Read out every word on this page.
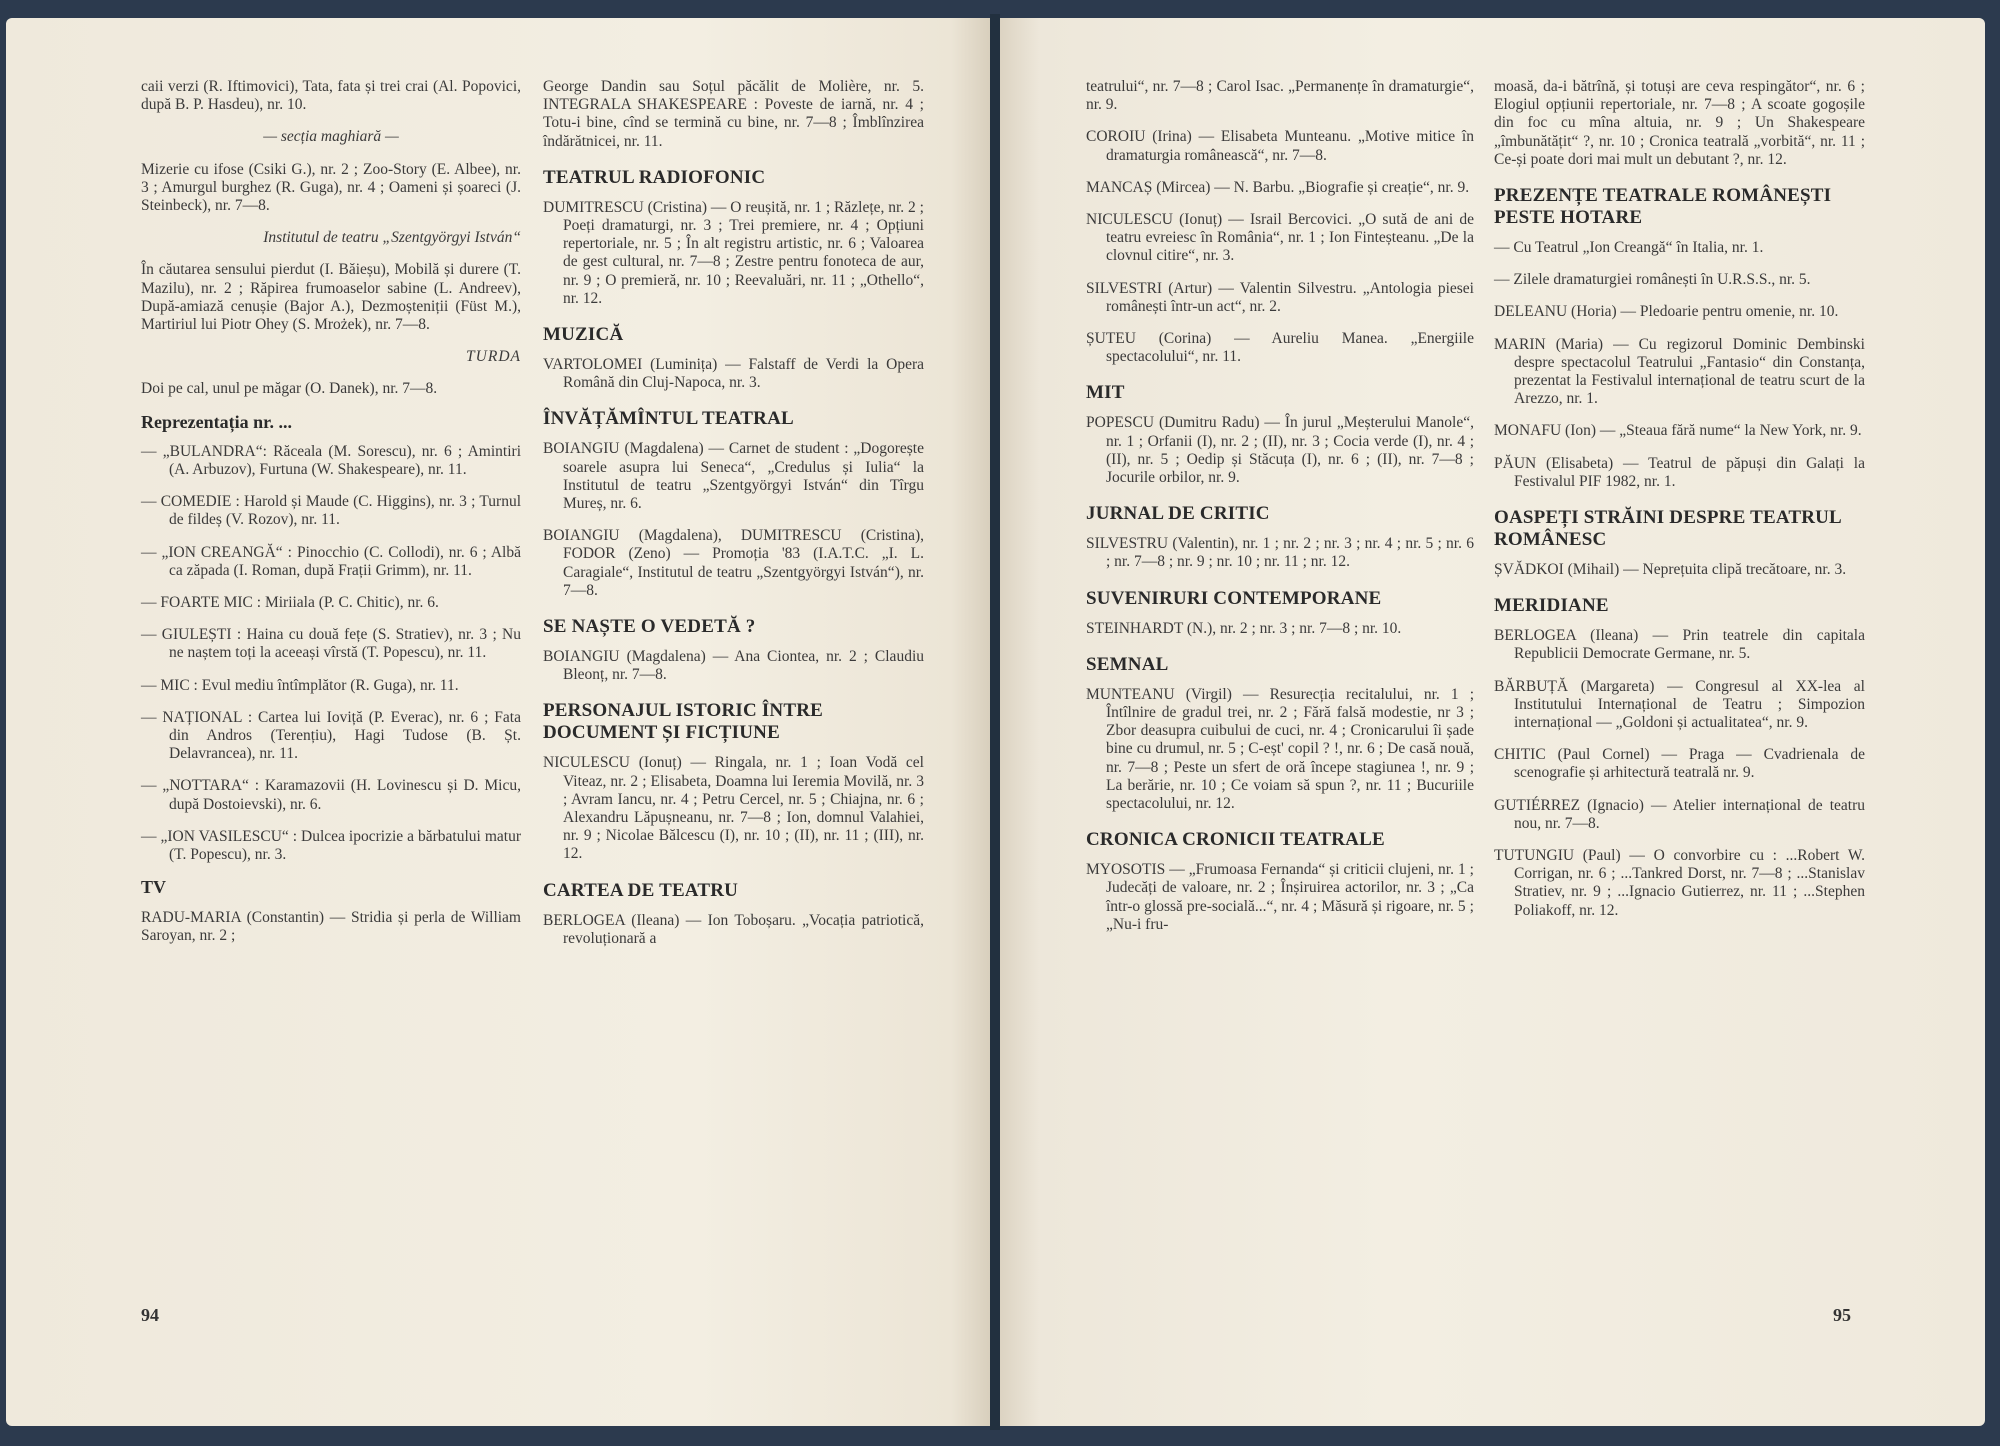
caii verzi (R. Iftimovici), Tata, fata și trei crai (Al. Popovici, după B. P. Hasdeu), nr. 10.

— secția maghiară —

Mizerie cu ifose (Csiki G.), nr. 2 ; Zoo-Story (E. Albee), nr. 3 ; Amurgul burghez (R. Guga), nr. 4 ; Oameni și șoareci (J. Steinbeck), nr. 7—8.

Institutul de teatru „Szentgyörgyi István“

În căutarea sensului pierdut (I. Băieșu), Mobilă și durere (T. Mazilu), nr. 2 ; Răpirea frumoaselor sabine (L. Andreev), După-amiază cenușie (Bajor A.), Dezmoșteniții (Füst M.), Martiriul lui Piotr Ohey (S. Mrożek), nr. 7—8.

TURDA

Doi pe cal, unul pe măgar (O. Danek), nr. 7—8.

Reprezentația nr. ...

— „BULANDRA“: Răceala (M. Sorescu), nr. 6 ; Amintiri (A. Arbuzov), Furtuna (W. Shakespeare), nr. 11.

— COMEDIE : Harold și Maude (C. Higgins), nr. 3 ; Turnul de fildeș (V. Rozov), nr. 11.

— „ION CREANGĂ“ : Pinocchio (C. Collodi), nr. 6 ; Albă ca zăpada (I. Roman, după Frații Grimm), nr. 11.

— FOARTE MIC : Miriiala (P. C. Chitic), nr. 6.

— GIULEȘTI : Haina cu două fețe (S. Stratiev), nr. 3 ; Nu ne naștem toți la aceeași vîrstă (T. Popescu), nr. 11.

— MIC : Evul mediu întîmplător (R. Guga), nr. 11.

— NAȚIONAL : Cartea lui Ioviță (P. Everac), nr. 6 ; Fata din Andros (Terențiu), Hagi Tudose (B. Șt. Delavrancea), nr. 11.

— „NOTTARA“ : Karamazovii (H. Lovinescu și D. Micu, după Dostoievski), nr. 6.

— „ION VASILESCU“ : Dulcea ipocrizie a bărbatului matur (T. Popescu), nr. 3.

TV

RADU-MARIA (Constantin) — Stridia și perla de William Saroyan, nr. 2 ;

George Dandin sau Soțul păcălit de Molière, nr. 5. INTEGRALA SHAKESPEARE : Poveste de iarnă, nr. 4 ; Totu-i bine, cînd se termină cu bine, nr. 7—8 ; Îmblînzirea îndărătnicei, nr. 11.

TEATRUL RADIOFONIC

DUMITRESCU (Cristina) — O reușită, nr. 1 ; Răzlețe, nr. 2 ; Poeți dramaturgi, nr. 3 ; Trei premiere, nr. 4 ; Opțiuni repertoriale, nr. 5 ; În alt registru artistic, nr. 6 ; Valoarea de gest cultural, nr. 7—8 ; Zestre pentru fonoteca de aur, nr. 9 ; O premieră, nr. 10 ; Reevaluări, nr. 11 ; „Othello“, nr. 12.

MUZICĂ

VARTOLOMEI (Luminița) — Falstaff de Verdi la Opera Română din Cluj-Napoca, nr. 3.

ÎNVĂȚĂMÎNTUL TEATRAL

BOIANGIU (Magdalena) — Carnet de student : „Dogorește soarele asupra lui Seneca“, „Credulus și Iulia“ la Institutul de teatru „Szentgyörgyi István“ din Tîrgu Mureș, nr. 6.

BOIANGIU (Magdalena), DUMITRESCU (Cristina), FODOR (Zeno) — Promoția '83 (I.A.T.C. „I. L. Caragiale“, Institutul de teatru „Szentgyörgyi István“), nr. 7—8.

SE NAȘTE O VEDETĂ ?

BOIANGIU (Magdalena) — Ana Ciontea, nr. 2 ; Claudiu Bleonț, nr. 7—8.

PERSONAJUL ISTORIC ÎNTRE DOCUMENT ȘI FICȚIUNE

NICULESCU (Ionuț) — Ringala, nr. 1 ; Ioan Vodă cel Viteaz, nr. 2 ; Elisabeta, Doamna lui Ieremia Movilă, nr. 3 ; Avram Iancu, nr. 4 ; Petru Cercel, nr. 5 ; Chiajna, nr. 6 ; Alexandru Lăpușneanu, nr. 7—8 ; Ion, domnul Valahiei, nr. 9 ; Nicolae Bălcescu (I), nr. 10 ; (II), nr. 11 ; (III), nr. 12.

CARTEA DE TEATRU

BERLOGEA (Ileana) — Ion Toboșaru. „Vocația patriotică, revoluționară a

94

teatrului“, nr. 7—8 ; Carol Isac. „Permanențe în dramaturgie“, nr. 9.

COROIU (Irina) — Elisabeta Munteanu. „Motive mitice în dramaturgia românească“, nr. 7—8.

MANCAȘ (Mircea) — N. Barbu. „Biografie și creație“, nr. 9.

NICULESCU (Ionuț) — Israil Bercovici. „O sută de ani de teatru evreiesc în România“, nr. 1 ; Ion Finteșteanu. „De la clovnul citire“, nr. 3.

SILVESTRI (Artur) — Valentin Silvestru. „Antologia piesei românești într-un act“, nr. 2.

ȘUTEU (Corina) — Aureliu Manea. „Energiile spectacolului“, nr. 11.

MIT

POPESCU (Dumitru Radu) — În jurul „Meșterului Manole“, nr. 1 ; Orfanii (I), nr. 2 ; (II), nr. 3 ; Cocia verde (I), nr. 4 ; (II), nr. 5 ; Oedip și Stăcuța (I), nr. 6 ; (II), nr. 7—8 ; Jocurile orbilor, nr. 9.

JURNAL DE CRITIC

SILVESTRU (Valentin), nr. 1 ; nr. 2 ; nr. 3 ; nr. 4 ; nr. 5 ; nr. 6 ; nr. 7—8 ; nr. 9 ; nr. 10 ; nr. 11 ; nr. 12.

SUVENIRURI CONTEMPORANE

STEINHARDT (N.), nr. 2 ; nr. 3 ; nr. 7—8 ; nr. 10.

SEMNAL

MUNTEANU (Virgil) — Resurecția recitalului, nr. 1 ; Întîlnire de gradul trei, nr. 2 ; Fără falsă modestie, nr 3 ; Zbor deasupra cuibului de cuci, nr. 4 ; Cronicarului îi șade bine cu drumul, nr. 5 ; C-eșt' copil ? !, nr. 6 ; De casă nouă, nr. 7—8 ; Peste un sfert de oră începe stagiunea !, nr. 9 ; La berărie, nr. 10 ; Ce voiam să spun ?, nr. 11 ; Bucuriile spectacolului, nr. 12.

CRONICA CRONICII TEATRALE

MYOSOTIS — „Frumoasa Fernanda“ și criticii clujeni, nr. 1 ; Judecăți de valoare, nr. 2 ; Înșiruirea actorilor, nr. 3 ; „Ca într-o glossă pre-socială...“, nr. 4 ; Măsură și rigoare, nr. 5 ; „Nu-i fru-

moasă, da-i bătrînă, și totuși are ceva respingător“, nr. 6 ; Elogiul opțiunii repertoriale, nr. 7—8 ; A scoate gogoșile din foc cu mîna altuia, nr. 9 ; Un Shakespeare „îmbunătățit“ ?, nr. 10 ; Cronica teatrală „vorbită“, nr. 11 ; Ce-și poate dori mai mult un debutant ?, nr. 12.

PREZENȚE TEATRALE ROMÂNEȘTI PESTE HOTARE

— Cu Teatrul „Ion Creangă“ în Italia, nr. 1.

— Zilele dramaturgiei românești în U.R.S.S., nr. 5.

DELEANU (Horia) — Pledoarie pentru omenie, nr. 10.

MARIN (Maria) — Cu regizorul Dominic Dembinski despre spectacolul Teatrului „Fantasio“ din Constanța, prezentat la Festivalul internațional de teatru scurt de la Arezzo, nr. 1.

MONAFU (Ion) — „Steaua fără nume“ la New York, nr. 9.

PĂUN (Elisabeta) — Teatrul de păpuși din Galați la Festivalul PIF 1982, nr. 1.

OASPEȚI STRĂINI DESPRE TEATRUL ROMÂNESC

ȘVĂDKOI (Mihail) — Neprețuita clipă trecătoare, nr. 3.

MERIDIANE

BERLOGEA (Ileana) — Prin teatrele din capitala Republicii Democrate Germane, nr. 5.

BĂRBUȚĂ (Margareta) — Congresul al XX-lea al Institutului Internațional de Teatru ; Simpozion internațional — „Goldoni și actualitatea“, nr. 9.

CHITIC (Paul Cornel) — Praga — Cvadrienala de scenografie și arhitectură teatrală nr. 9.

GUTIÉRREZ (Ignacio) — Atelier internațional de teatru nou, nr. 7—8.

TUTUNGIU (Paul) — O convorbire cu : ...Robert W. Corrigan, nr. 6 ; ...Tankred Dorst, nr. 7—8 ; ...Stanislav Stratiev, nr. 9 ; ...Ignacio Gutierrez, nr. 11 ; ...Stephen Poliakoff, nr. 12.

95
